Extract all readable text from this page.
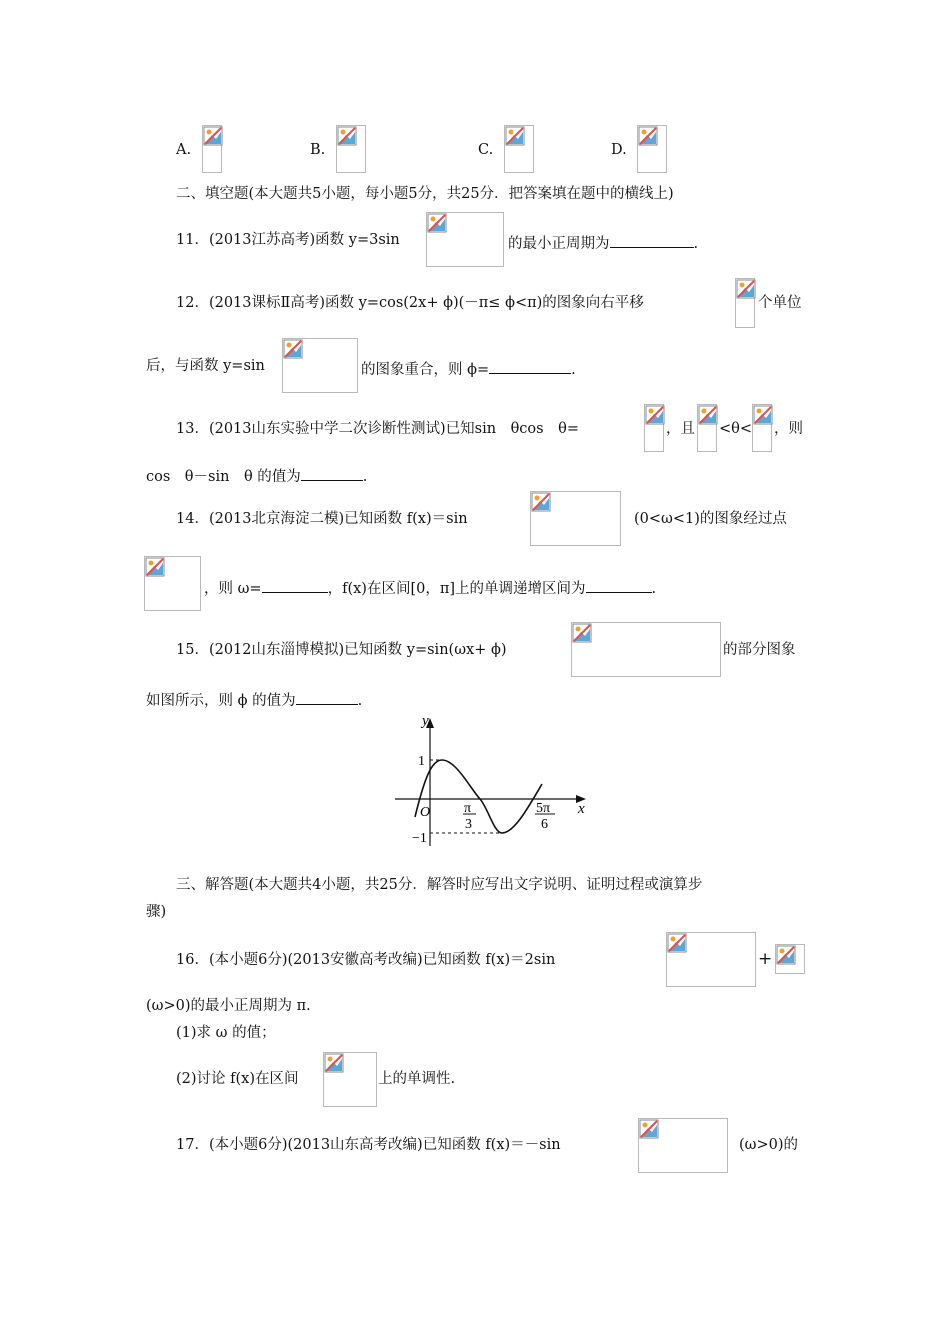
A.	B.	C.	D.
二、填空题(本大题共5小题，每小题5分，共25分．把答案填在题中的横线上)
11．(2013江苏高考)函数 y=3sin	的最小正周期为	.
12．(2013课标Ⅱ高考)函数 y=cos(2x+ ϕ)(－π≤ ϕ<π)的图象向右平移	个单位
后，与函数 y=sin	的图象重合，则 ϕ=	.
13．(2013山东实验中学二次诊断性测试)已知sin　θcos　θ=	，且 <θ< ，则
cos　θ－sin　θ 的值为	.
14．(2013北京海淀二模)已知函数 f(x)＝sin	(0<ω<1)的图象经过点
，则 ω=	，f(x)在区间[0，π]上的单调递增区间为	.
15．(2012山东淄博模拟)已知函数 y=sin(ωx+ ϕ)	的部分图象
如图所示，则 ϕ 的值为	.
y
x
O
1
−1
π
3
5π
6
三、解答题(本大题共4小题，共25分．解答时应写出文字说明、证明过程或演算步
骤)
16．(本小题6分)(2013安徽高考改编)已知函数 f(x)＝2sin	+
(ω>0)的最小正周期为 π.
(1)求 ω 的值；
(2)讨论 f(x)在区间	上的单调性.
17．(本小题6分)(2013山东高考改编)已知函数 f(x)＝－sin	(ω>0)的
